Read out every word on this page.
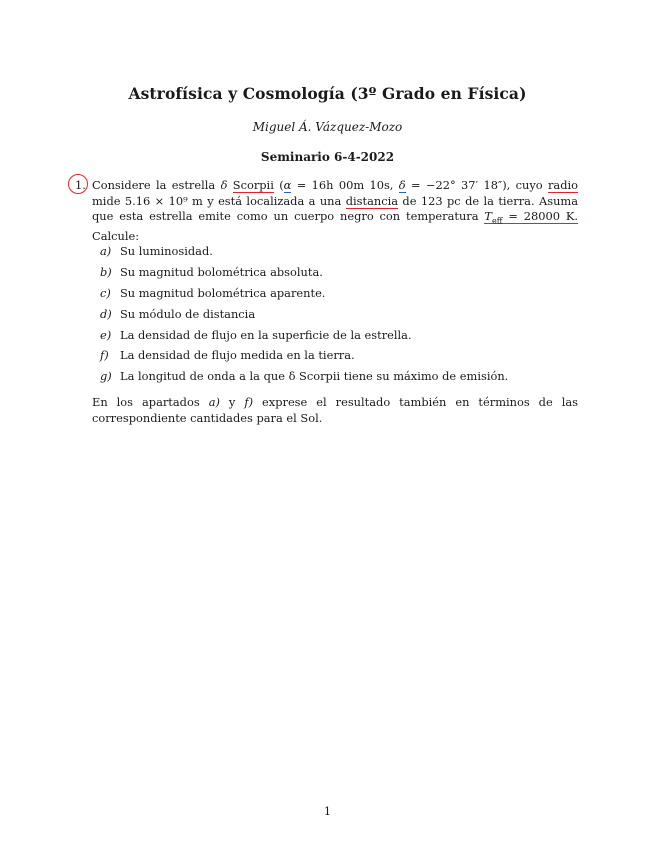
Astrofísica y Cosmología (3º Grado en Física)
Miguel Á. Vázquez-Mozo
Seminario 6-4-2022
1. Considere la estrella δ Scorpii (α = 16h 00m 10s, δ = −22° 37′ 18″), cuyo radio mide 5.16 × 10⁹ m y está localizada a una distancia de 123 pc de la tierra. Asuma que esta estrella emite como un cuerpo negro con temperatura $T_{eff} = 28000$ K. Calcule:
a) Su luminosidad.
b) Su magnitud bolométrica absoluta.
c) Su magnitud bolométrica aparente.
d) Su módulo de distancia
e) La densidad de flujo en la superficie de la estrella.
f) La densidad de flujo medida en la tierra.
g) La longitud de onda a la que δ Scorpii tiene su máximo de emisión.
En los apartados a) y f) exprese el resultado también en términos de las correspondiente cantidades para el Sol.
1
